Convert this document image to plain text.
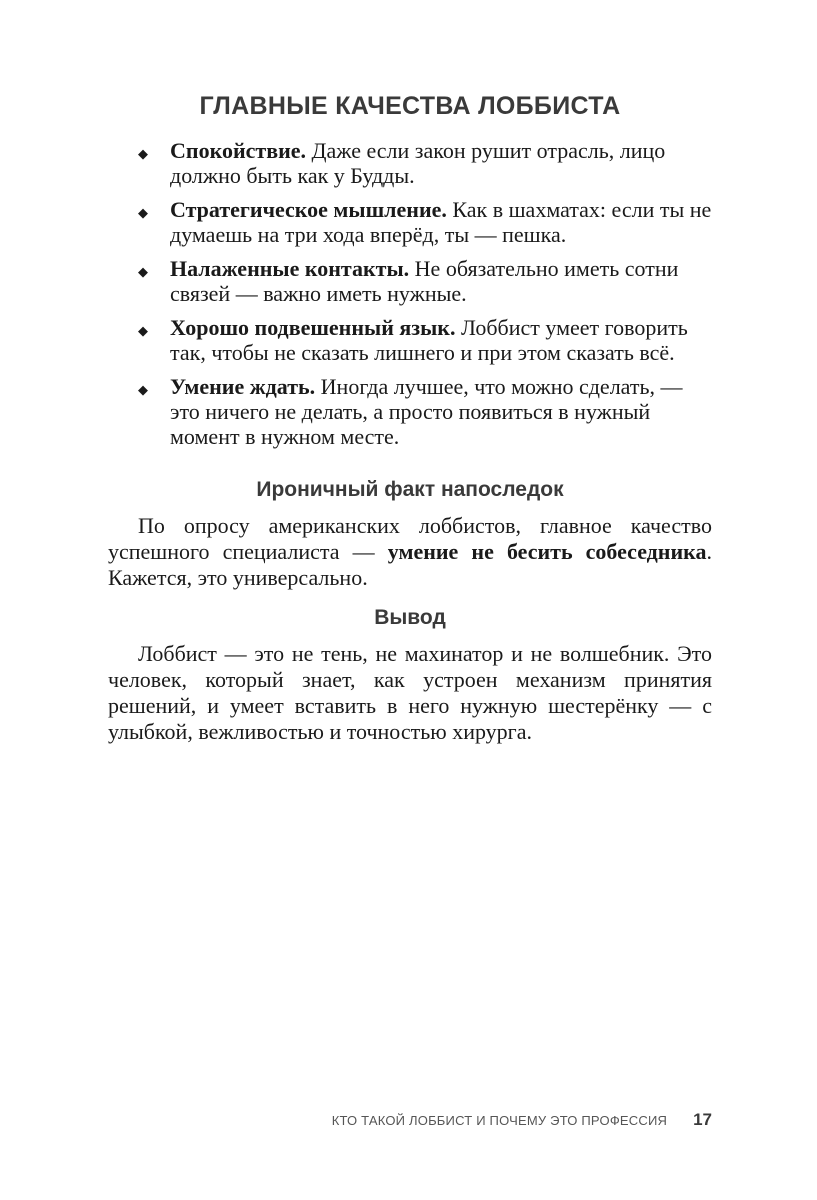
ГЛАВНЫЕ КАЧЕСТВА ЛОББИСТА
◆ Спокойствие. Даже если закон рушит отрасль, лицо должно быть как у Будды.
◆ Стратегическое мышление. Как в шахматах: если ты не думаешь на три хода вперёд, ты — пешка.
◆ Налаженные контакты. Не обязательно иметь сотни связей — важно иметь нужные.
◆ Хорошо подвешенный язык. Лоббист умеет говорить так, чтобы не сказать лишнего и при этом сказать всё.
◆ Умение ждать. Иногда лучшее, что можно сделать, — это ничего не делать, а просто появиться в нужный момент в нужном месте.
Ироничный факт напоследок

По опросу американских лоббистов, главное качество успешного специалиста — умение не бесить собеседника. Кажется, это универсально.

Вывод

Лоббист — это не тень, не махинатор и не волшебник. Это человек, который знает, как устроен механизм принятия решений, и умеет вставить в него нужную шестерёнку — с улыбкой, вежливостью и точностью хирурга.

КТО ТАКОЙ ЛОББИСТ И ПОЧЕМУ ЭТО ПРОФЕССИЯ 17
